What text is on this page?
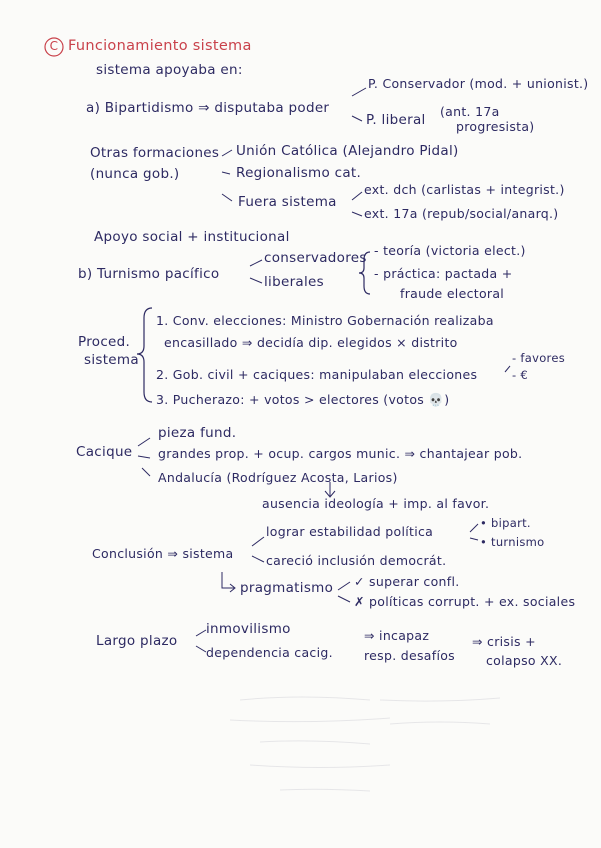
C Funcionamiento sistema
sistema apoyaba en:
P. Conservador (mod. + unionist.)
a) Bipartidismo ⇒ disputaba poder
P. liberal
(ant. 17a
progresista)
Otras formaciones
(nunca gob.)
Unión Católica (Alejandro Pidal)
Regionalismo cat.
Fuera sistema
ext. dch (carlistas + integrist.)
ext. 17a (repub/social/anarq.)
Apoyo social + institucional
conservadores
b) Turnismo pacífico	liberales
- teoría (victoria elect.)
- práctica: pactada +
fraude electoral
Proced.
sistema
1. Conv. elecciones: Ministro Gobernación realizaba
encasillado ⇒ decidía dip. elegidos × distrito
2. Gob. civil + caciques: manipulaban elecciones
- favores
- €
3. Pucherazo: + votos > electores (votos 💀)
pieza fund.
Cacique grandes prop. + ocup. cargos munic. ⇒ chantajear pob.
Andalucía (Rodríguez Acosta, Larios)
ausencia ideología + imp. al favor.
lograr estabilidad política
• bipart.
• turnismo
Conclusión ⇒ sistema	careció inclusión democrát.
pragmatismo ✓ superar confl.
✗ políticas corrupt. + ex. sociales
inmovilismo
Largo plazo
dependencia cacig.
⇒ incapaz
resp. desafíos
⇒ crisis +
colapso XX.
